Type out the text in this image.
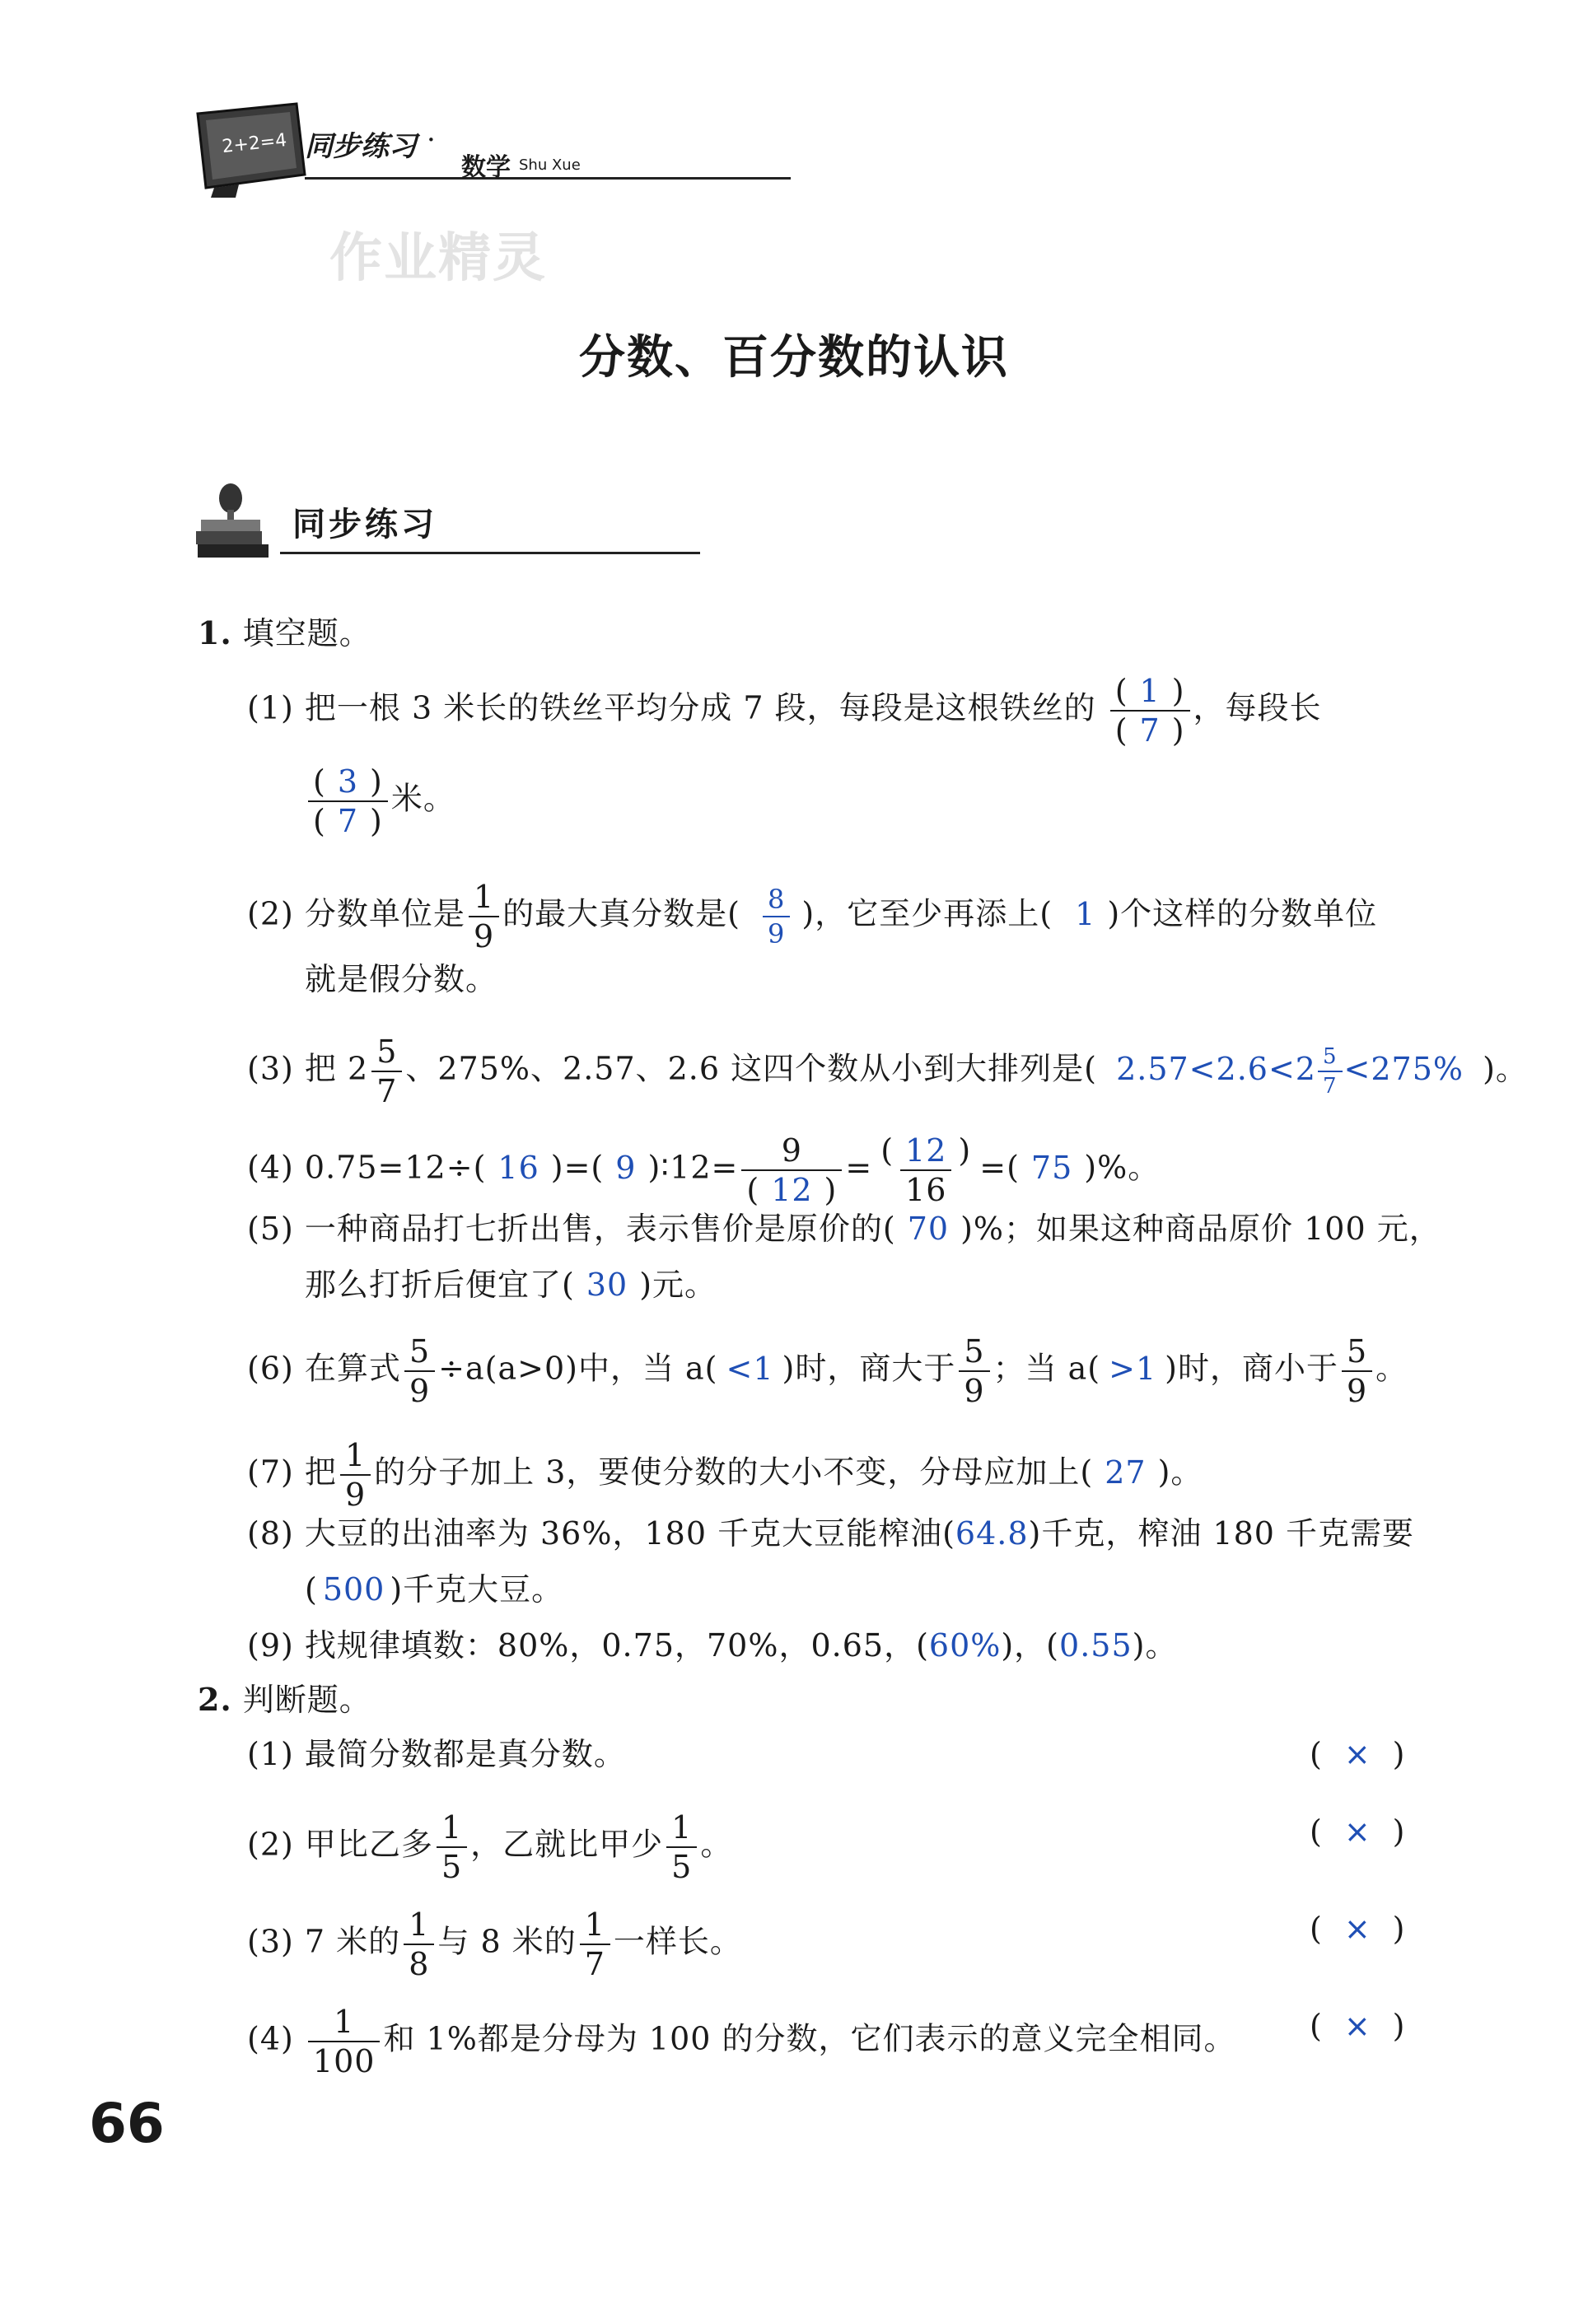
2+2=4 同步练习 ·
数学 Shu Xue
作业精灵
分数、百分数的认识
同步练习
1. 填空题。
(1) 把一根 3 米长的铁丝平均分成 7 段，每段是这根铁丝的 $\frac{( 1 )}{( 7 )}$ ，每段长
$\frac{( 3 )}{( 7 )}$ 米。
(2) 分数单位是 $\frac{1}{9}$ 的最大真分数是( $\frac{8}{9}$ )，它至少再添上( 1 )个这样的分数单位
就是假分数。
(3) 把 $2 \frac{5}{7}$ 、275%、2.57、2.6 这四个数从小到大排列是( $2.57<2.6<2 \frac{5}{7} <275\%$ )。
(4) 0.75=12÷( 16 )=( 9 )∶12= $\frac{9}{( 12 )} = \frac{( 12 )}{16}$ =( 75 )%。
(5) 一种商品打七折出售，表示售价是原价的( 70 )%；如果这种商品原价 100 元，
那么打折后便宜了( 30 )元。
(6) 在算式 $\frac{5}{9} \div a(a>0)$中，当 a( <1 )时，商大于 $\frac{5}{9}$ ；当 a( >1 )时，商小于 $\frac{5}{9}$ 。
(7) 把 $\frac{1}{9}$ 的分子加上 3，要使分数的大小不变，分母应加上( 27 )。
(8) 大豆的出油率为 36%，180 千克大豆能榨油(64.8)千克，榨油 180 千克需要
( 500 )千克大豆。
(9) 找规律填数：80%，0.75，70%，0.65，(60%)，(0.55)。
2. 判断题。
(1) 最简分数都是真分数。	( × )
(2) 甲比乙多 $\frac{1}{5}$ ，乙就比甲少 $\frac{1}{5}$ 。	( × )
(3) 7 米的 $\frac{1}{8}$ 与 8 米的 $\frac{1}{7}$ 一样长。	( × )
$(4) \frac{1}{100}$ 和 1%都是分母为 100 的分数，它们表示的意义完全相同。 ( × )
66
